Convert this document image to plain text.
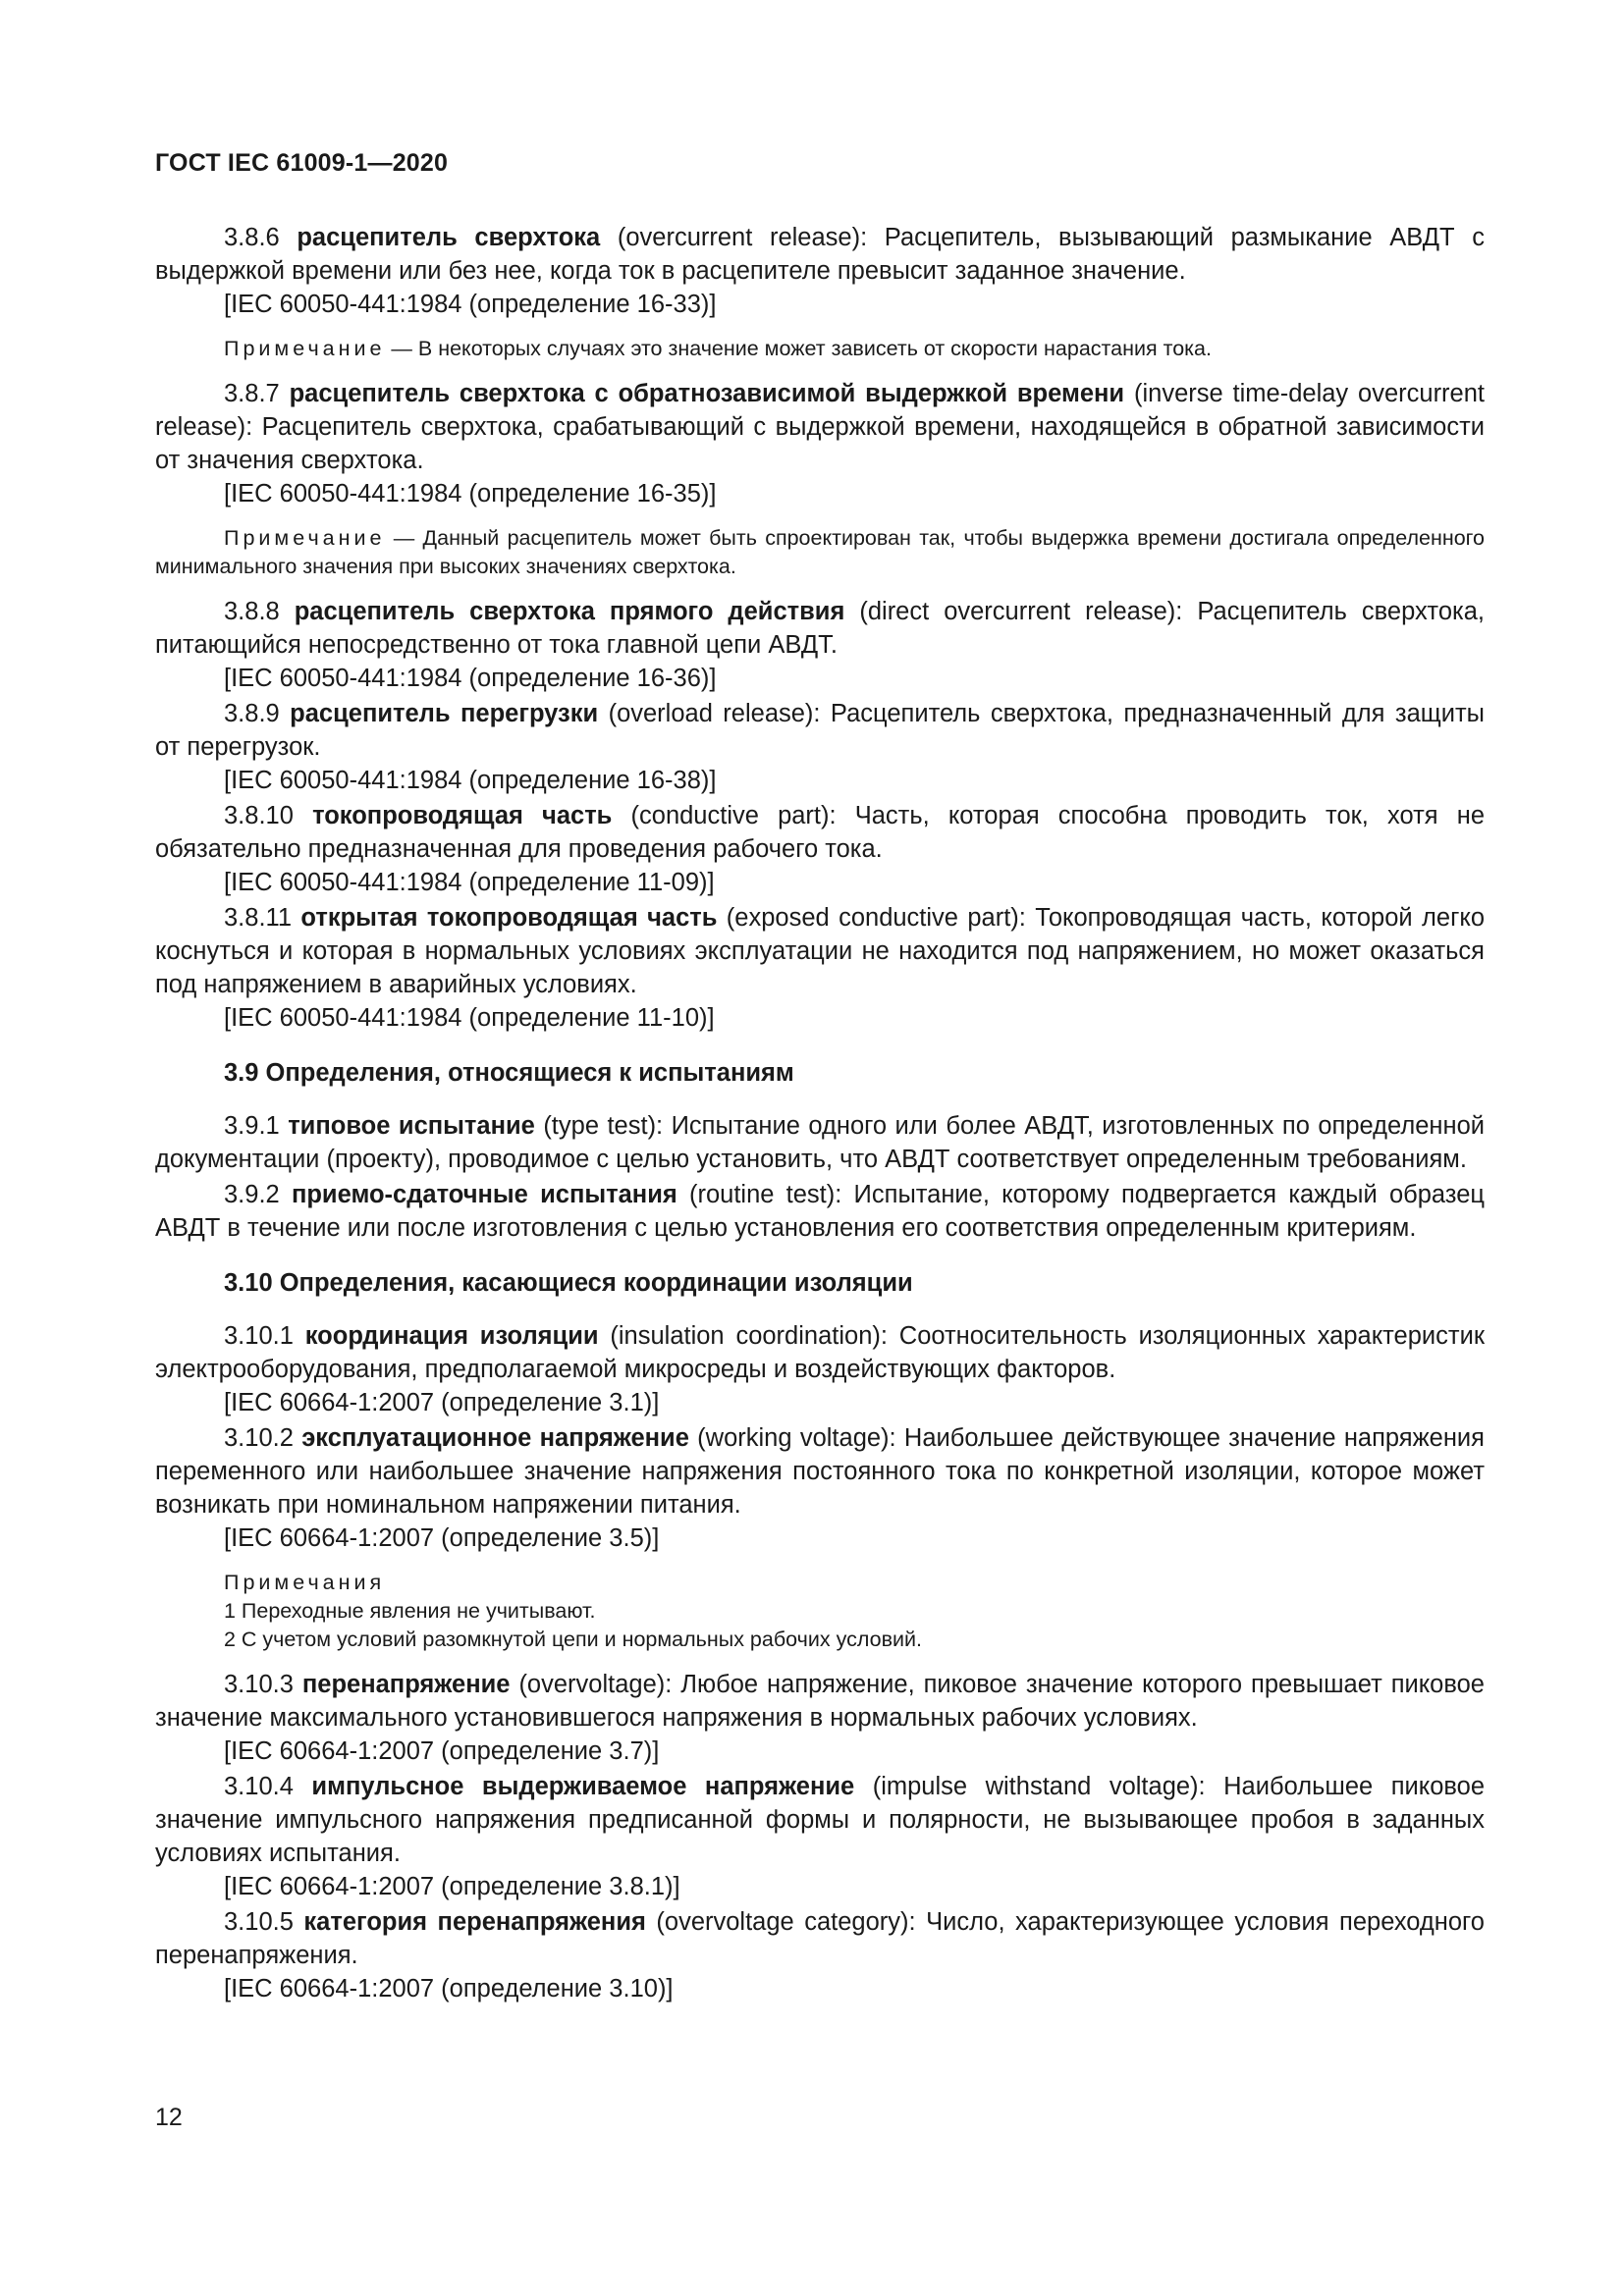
ГОСТ IEC 61009-1—2020
3.8.6 расцепитель сверхтока (overcurrent release): Расцепитель, вызывающий размыкание АВДТ с выдержкой времени или без нее, когда ток в расцепителе превысит заданное значение.
[IEC 60050-441:1984 (определение 16-33)]
Примечание — В некоторых случаях это значение может зависеть от скорости нарастания тока.
3.8.7 расцепитель сверхтока с обратнозависимой выдержкой времени (inverse time-delay overcurrent release): Расцепитель сверхтока, срабатывающий с выдержкой времени, находящейся в обратной зависимости от значения сверхтока.
[IEC 60050-441:1984 (определение 16-35)]
Примечание — Данный расцепитель может быть спроектирован так, чтобы выдержка времени достигала определенного минимального значения при высоких значениях сверхтока.
3.8.8 расцепитель сверхтока прямого действия (direct overcurrent release): Расцепитель сверхтока, питающийся непосредственно от тока главной цепи АВДТ.
[IEC 60050-441:1984 (определение 16-36)]
3.8.9 расцепитель перегрузки (overload release): Расцепитель сверхтока, предназначенный для защиты от перегрузок.
[IEC 60050-441:1984 (определение 16-38)]
3.8.10 токопроводящая часть (conductive part): Часть, которая способна проводить ток, хотя не обязательно предназначенная для проведения рабочего тока.
[IEC 60050-441:1984 (определение 11-09)]
3.8.11 открытая токопроводящая часть (exposed conductive part): Токопроводящая часть, которой легко коснуться и которая в нормальных условиях эксплуатации не находится под напряжением, но может оказаться под напряжением в аварийных условиях.
[IEC 60050-441:1984 (определение 11-10)]
3.9 Определения, относящиеся к испытаниям
3.9.1 типовое испытание (type test): Испытание одного или более АВДТ, изготовленных по определенной документации (проекту), проводимое с целью установить, что АВДТ соответствует определенным требованиям.
3.9.2 приемо-сдаточные испытания (routine test): Испытание, которому подвергается каждый образец АВДТ в течение или после изготовления с целью установления его соответствия определенным критериям.
3.10 Определения, касающиеся координации изоляции
3.10.1 координация изоляции (insulation coordination): Соотносительность изоляционных характеристик электрооборудования, предполагаемой микросреды и воздействующих факторов.
[IEC 60664-1:2007 (определение 3.1)]
3.10.2 эксплуатационное напряжение (working voltage): Наибольшее действующее значение напряжения переменного или наибольшее значение напряжения постоянного тока по конкретной изоляции, которое может возникать при номинальном напряжении питания.
[IEC 60664-1:2007 (определение 3.5)]
Примечания
1 Переходные явления не учитывают.
2 С учетом условий разомкнутой цепи и нормальных рабочих условий.
3.10.3 перенапряжение (overvoltage): Любое напряжение, пиковое значение которого превышает пиковое значение максимального установившегося напряжения в нормальных рабочих условиях.
[IEC 60664-1:2007 (определение 3.7)]
3.10.4 импульсное выдерживаемое напряжение (impulse withstand voltage): Наибольшее пиковое значение импульсного напряжения предписанной формы и полярности, не вызывающее пробоя в заданных условиях испытания.
[IEC 60664-1:2007 (определение 3.8.1)]
3.10.5 категория перенапряжения (overvoltage category): Число, характеризующее условия переходного перенапряжения.
[IEC 60664-1:2007 (определение 3.10)]
12
